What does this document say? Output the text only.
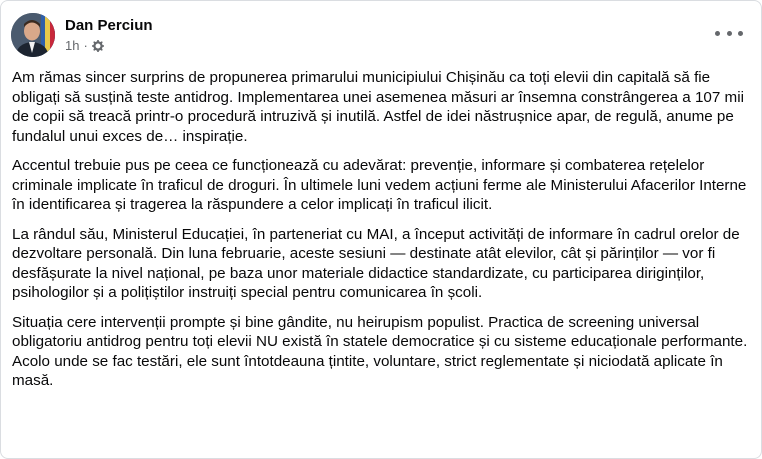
Dan Perciun
1h ·

Am rămas sincer surprins de propunerea primarului municipiului Chișinău ca toți elevii din capitală să fie obligați să susțină teste antidrog. Implementarea unei asemenea măsuri ar însemna constrângerea a 107 mii de copii să treacă printr-o procedură intruzivă și inutilă. Astfel de idei năstrușnice apar, de regulă, anume pe fundalul unui exces de… inspirație.

Accentul trebuie pus pe ceea ce funcționează cu adevărat: prevenție, informare și combaterea rețelelor criminale implicate în traficul de droguri. În ultimele luni vedem acțiuni ferme ale Ministerului Afacerilor Interne în identificarea și tragerea la răspundere a celor implicați în traficul ilicit.

La rândul său, Ministerul Educației, în parteneriat cu MAI, a început activități de informare în cadrul orelor de dezvoltare personală. Din luna februarie, aceste sesiuni — destinate atât elevilor, cât și părinților — vor fi desfășurate la nivel național, pe baza unor materiale didactice standardizate, cu participarea diriginților, psihologilor și a polițiștilor instruiți special pentru comunicarea în școli.

Situația cere intervenții prompte și bine gândite, nu heirupism populist. Practica de screening universal obligatoriu antidrog pentru toți elevii NU există în statele democratice și cu sisteme educaționale performante. Acolo unde se fac testări, ele sunt întotdeauna țintite, voluntare, strict reglementate și niciodată aplicate în masă.
